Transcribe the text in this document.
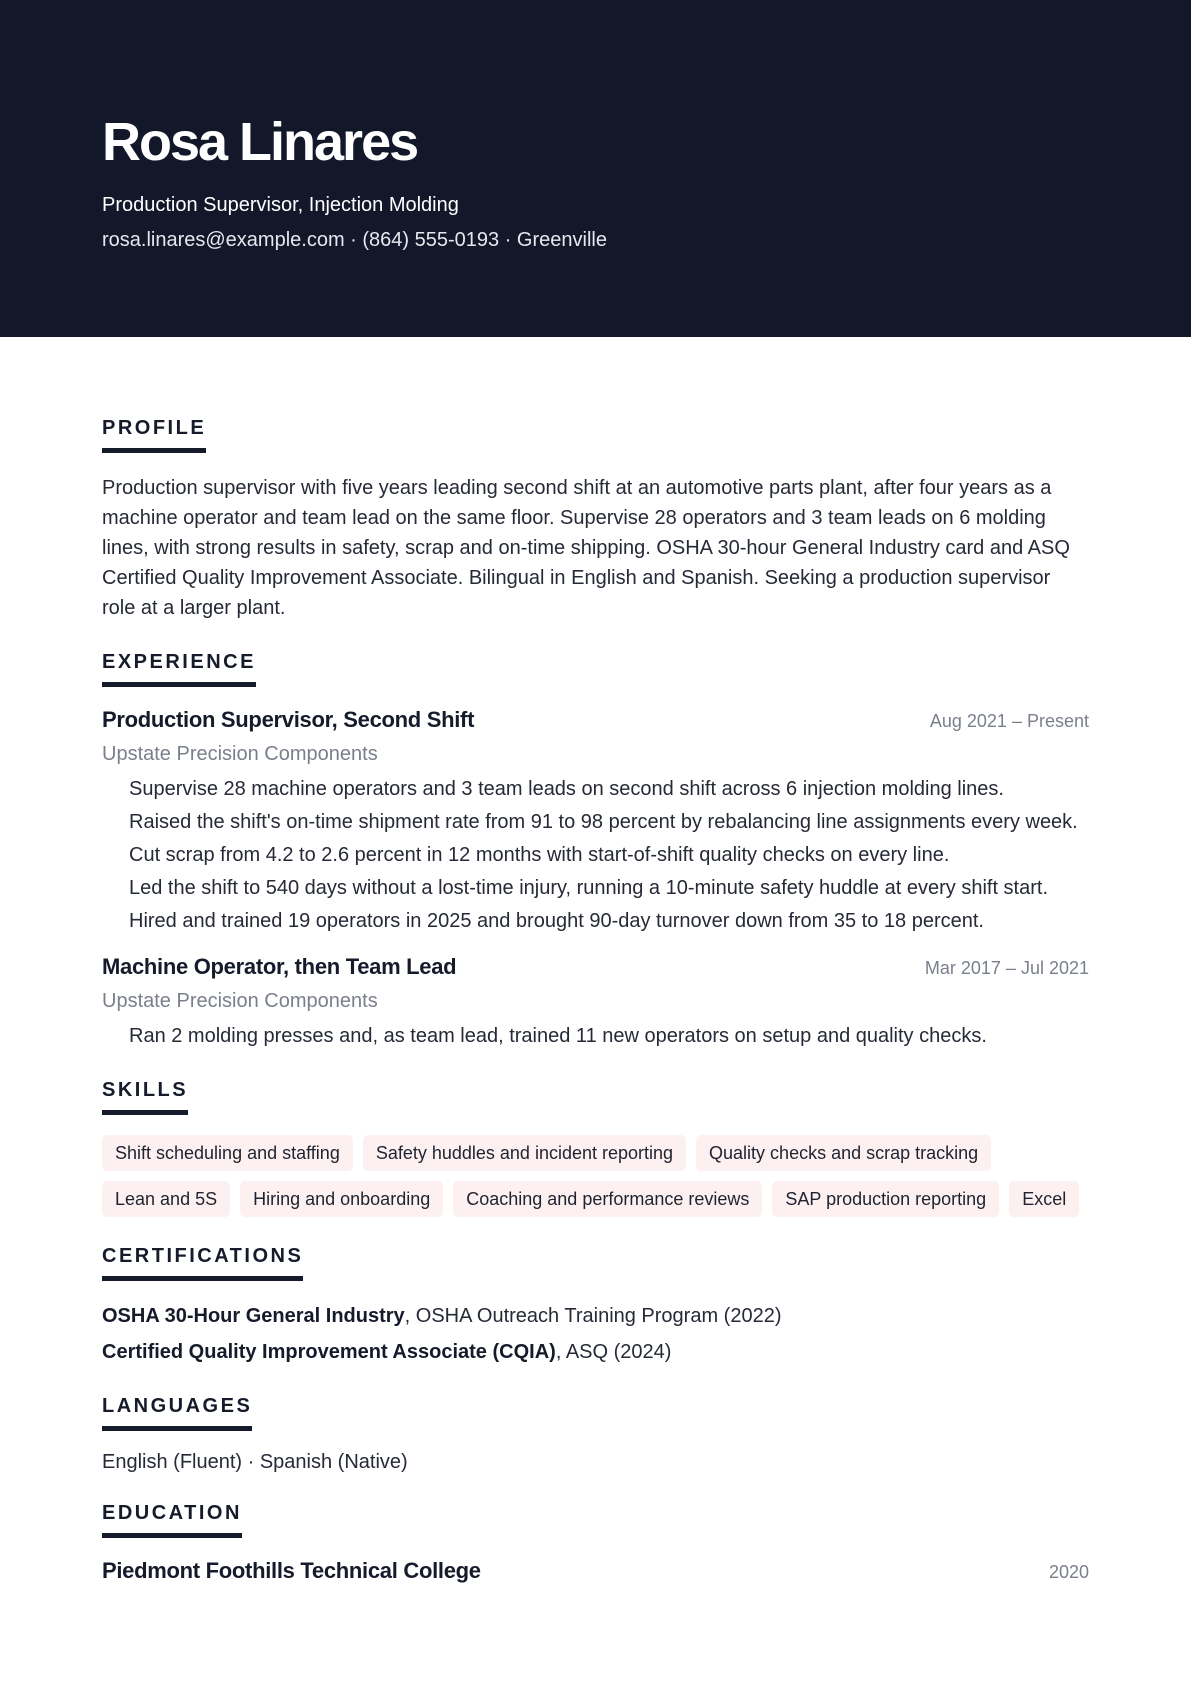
Rosa Linares
Production Supervisor, Injection Molding
rosa.linares@example.com · (864) 555-0193 · Greenville
PROFILE

Production supervisor with five years leading second shift at an automotive parts plant, after four years as a machine operator and team lead on the same floor. Supervise 28 operators and 3 team leads on 6 molding lines, with strong results in safety, scrap and on-time shipping. OSHA 30-hour General Industry card and ASQ Certified Quality Improvement Associate. Bilingual in English and Spanish. Seeking a production supervisor role at a larger plant.

EXPERIENCE
Production Supervisor, Second Shift	Aug 2021 – Present
Upstate Precision Components
Supervise 28 machine operators and 3 team leads on second shift across 6 injection molding lines.
Raised the shift's on-time shipment rate from 91 to 98 percent by rebalancing line assignments every week.
Cut scrap from 4.2 to 2.6 percent in 12 months with start-of-shift quality checks on every line.
Led the shift to 540 days without a lost-time injury, running a 10-minute safety huddle at every shift start.
Hired and trained 19 operators in 2025 and brought 90-day turnover down from 35 to 18 percent.
Machine Operator, then Team Lead	Mar 2017 – Jul 2021
Upstate Precision Components
Ran 2 molding presses and, as team lead, trained 11 new operators on setup and quality checks.
SKILLS
Shift scheduling and staffing	Safety huddles and incident reporting	Quality checks and scrap tracking
Lean and 5S	Hiring and onboarding	Coaching and performance reviews	SAP production reporting	Excel
CERTIFICATIONS
OSHA 30-Hour General Industry, OSHA Outreach Training Program (2022)
Certified Quality Improvement Associate (CQIA), ASQ (2024)
LANGUAGES
English (Fluent) · Spanish (Native)
EDUCATION
Piedmont Foothills Technical College	2020
